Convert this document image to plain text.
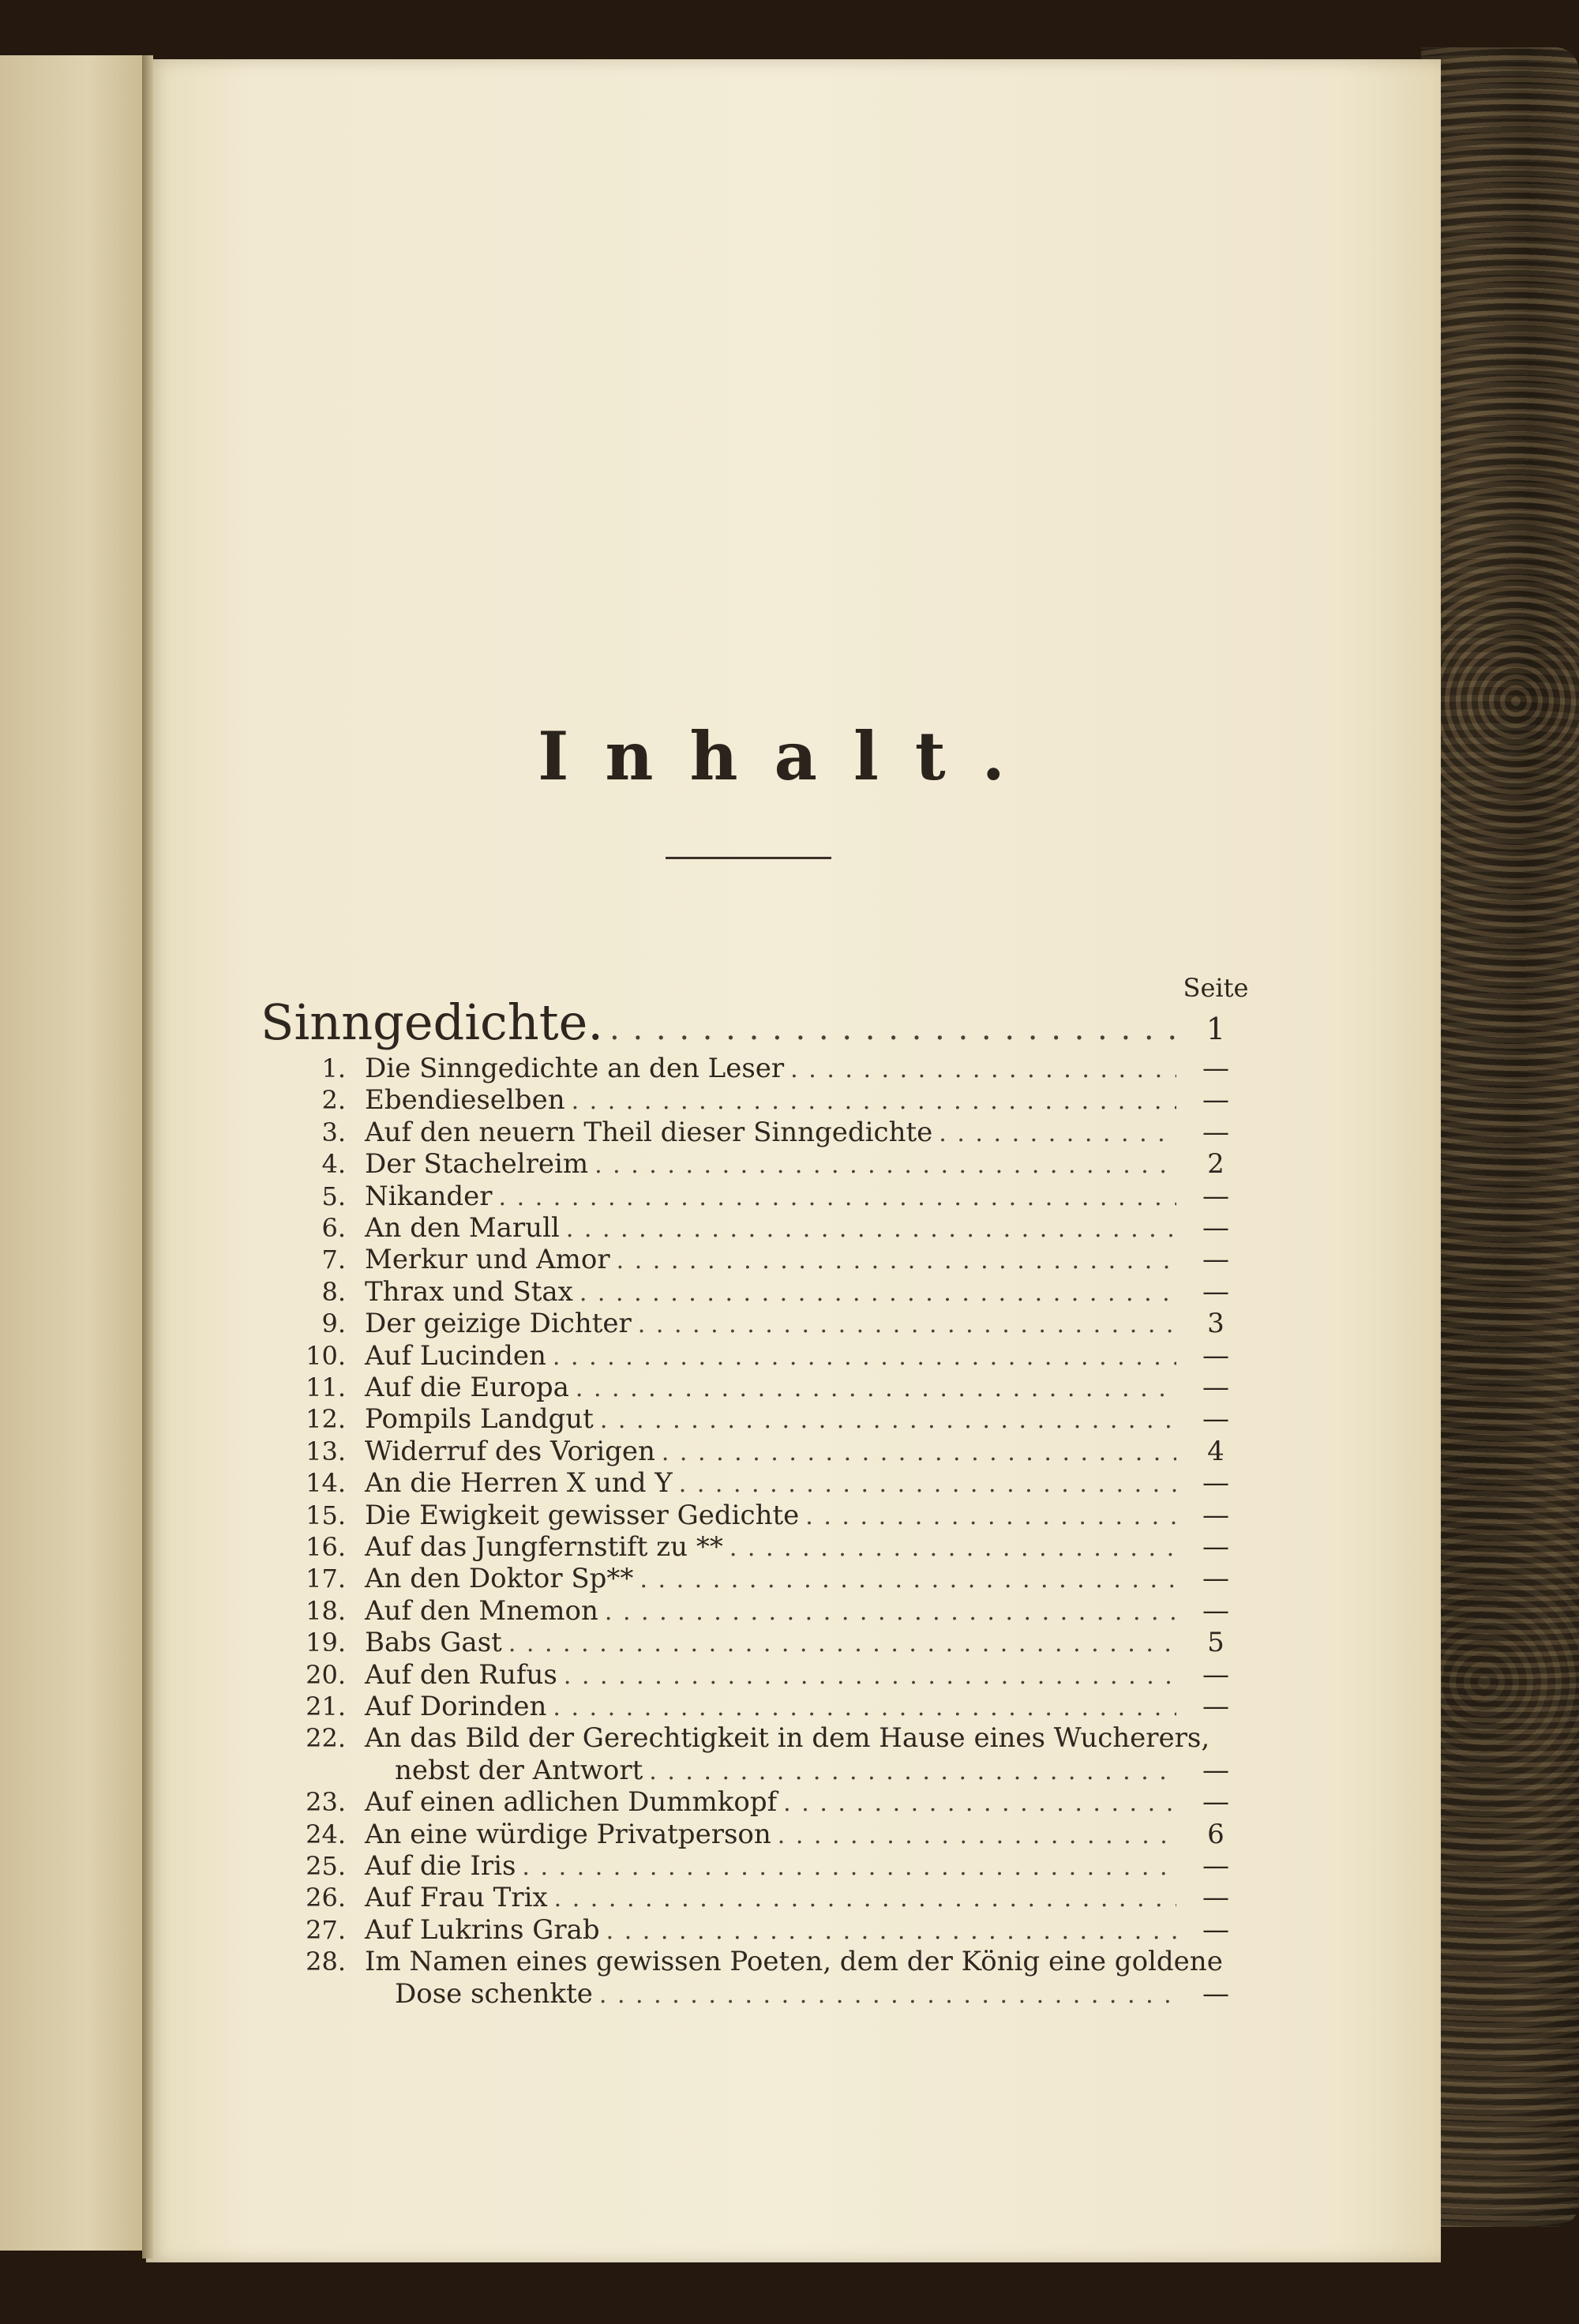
Inhalt.
Seite
Sinngedichte. . . .	1
1. Die Sinngedichte an den Leser . . .	—
2. Ebendieselben . . .	—
3. Auf den neuern Theil dieser Sinngedichte . . .	—
4. Der Stachelreim . . .	2
5. Nikander . . .	—
6. An den Marull . . .	—
7. Merkur und Amor . . .	—
8. Thrax und Stax . . .	—
9. Der geizige Dichter . . .	3
10. Auf Lucinden . . .	—
11. Auf die Europa . . .	—
12. Pompils Landgut . . .	—
13. Widerruf des Vorigen . . .	4
14. An die Herren X und Y . . .	—
15. Die Ewigkeit gewisser Gedichte . . .	—
16. Auf das Jungfernstift zu ** . . .	—
17. An den Doktor Sp** . . .	—
18. Auf den Mnemon . . .	—
19. Babs Gast . . .	5
20. Auf den Rufus . . .	—
21. Auf Dorinden . . .	—
22. An das Bild der Gerechtigkeit in dem Hause eines Wucherers,
nebst der Antwort . . .	—
23. Auf einen adlichen Dummkopf . . .	—
24. An eine würdige Privatperson . . .	6
25. Auf die Iris . . .	—
26. Auf Frau Trix . . .	—
27. Auf Lukrins Grab . . .	—
28. Im Namen eines gewissen Poeten, dem der König eine goldene
Dose schenkte . . .	—
